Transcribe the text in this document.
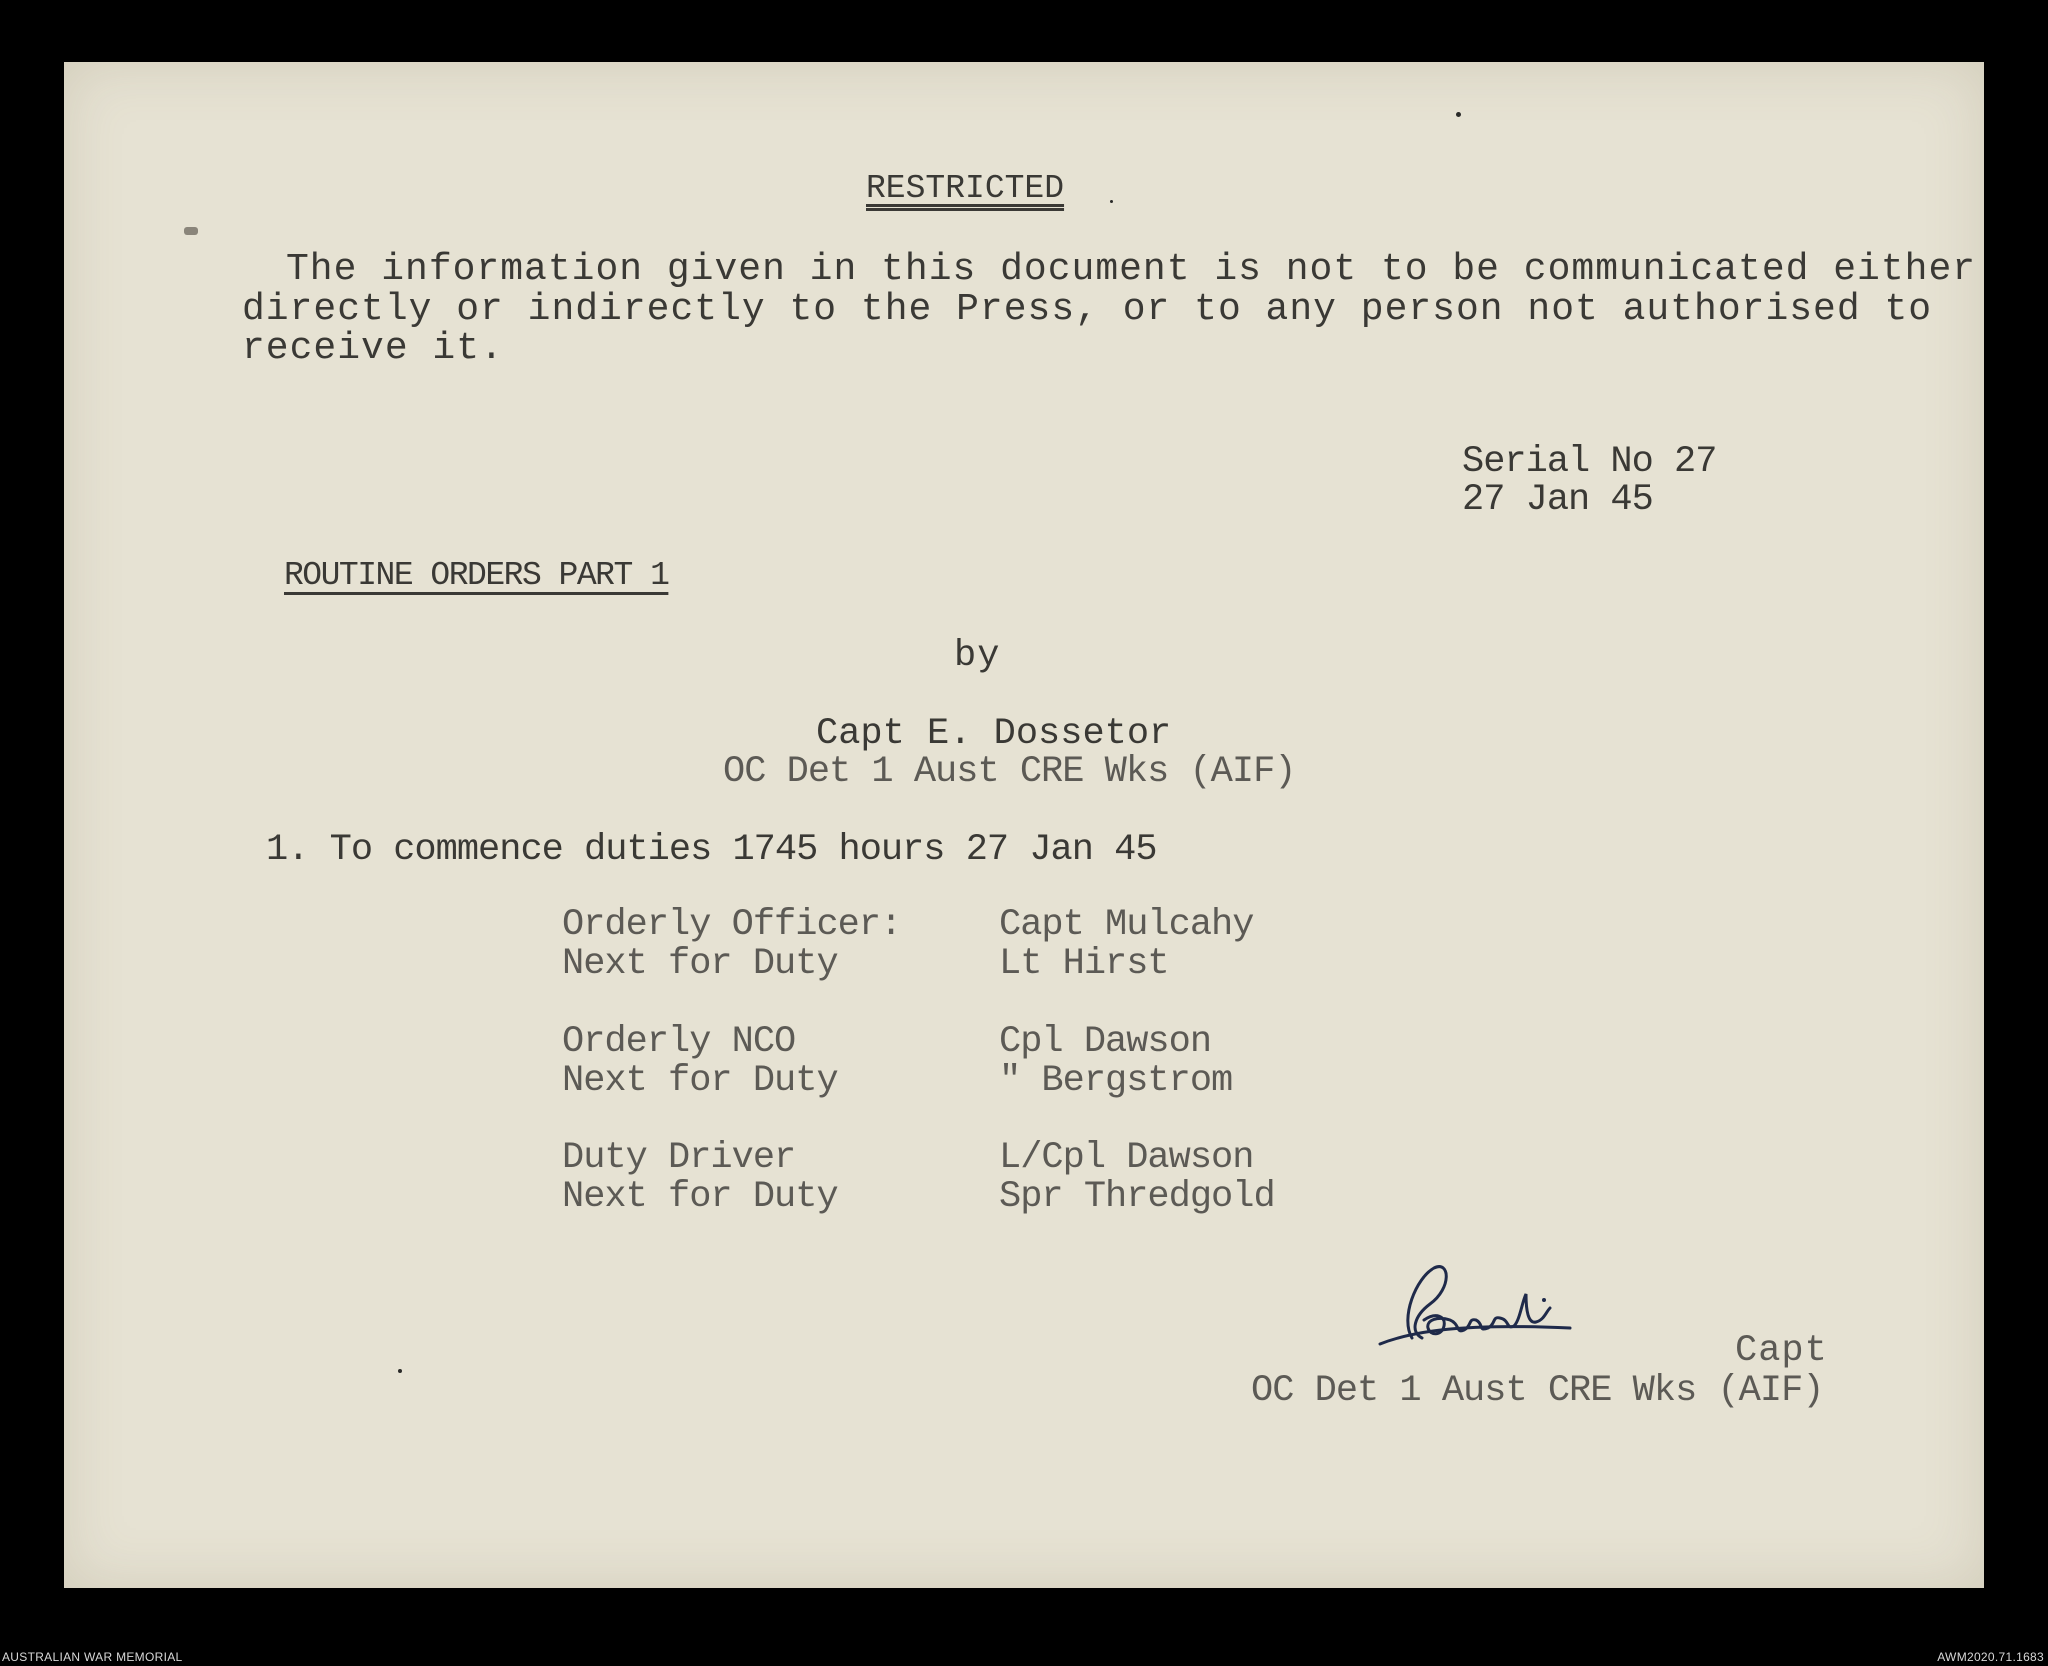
RESTRICTED
The information given in this document is not to be communicated either
directly or indirectly to the Press, or to any person not authorised to
receive it.
Serial No 27
27 Jan 45
ROUTINE ORDERS PART 1
by
Capt E. Dossetor
OC Det 1 Aust CRE Wks (AIF)
1. To commence duties 1745 hours 27 Jan 45
Orderly Officer:	Capt Mulcahy
Next for Duty	Lt Hirst
Orderly NCO	Cpl Dawson
Next for Duty	" Bergstrom
Duty Driver	L/Cpl Dawson
Next for Duty	Spr Thredgold
Capt
OC Det 1 Aust CRE Wks (AIF)
AUSTRALIAN WAR MEMORIAL	AWM2020.71.1683
